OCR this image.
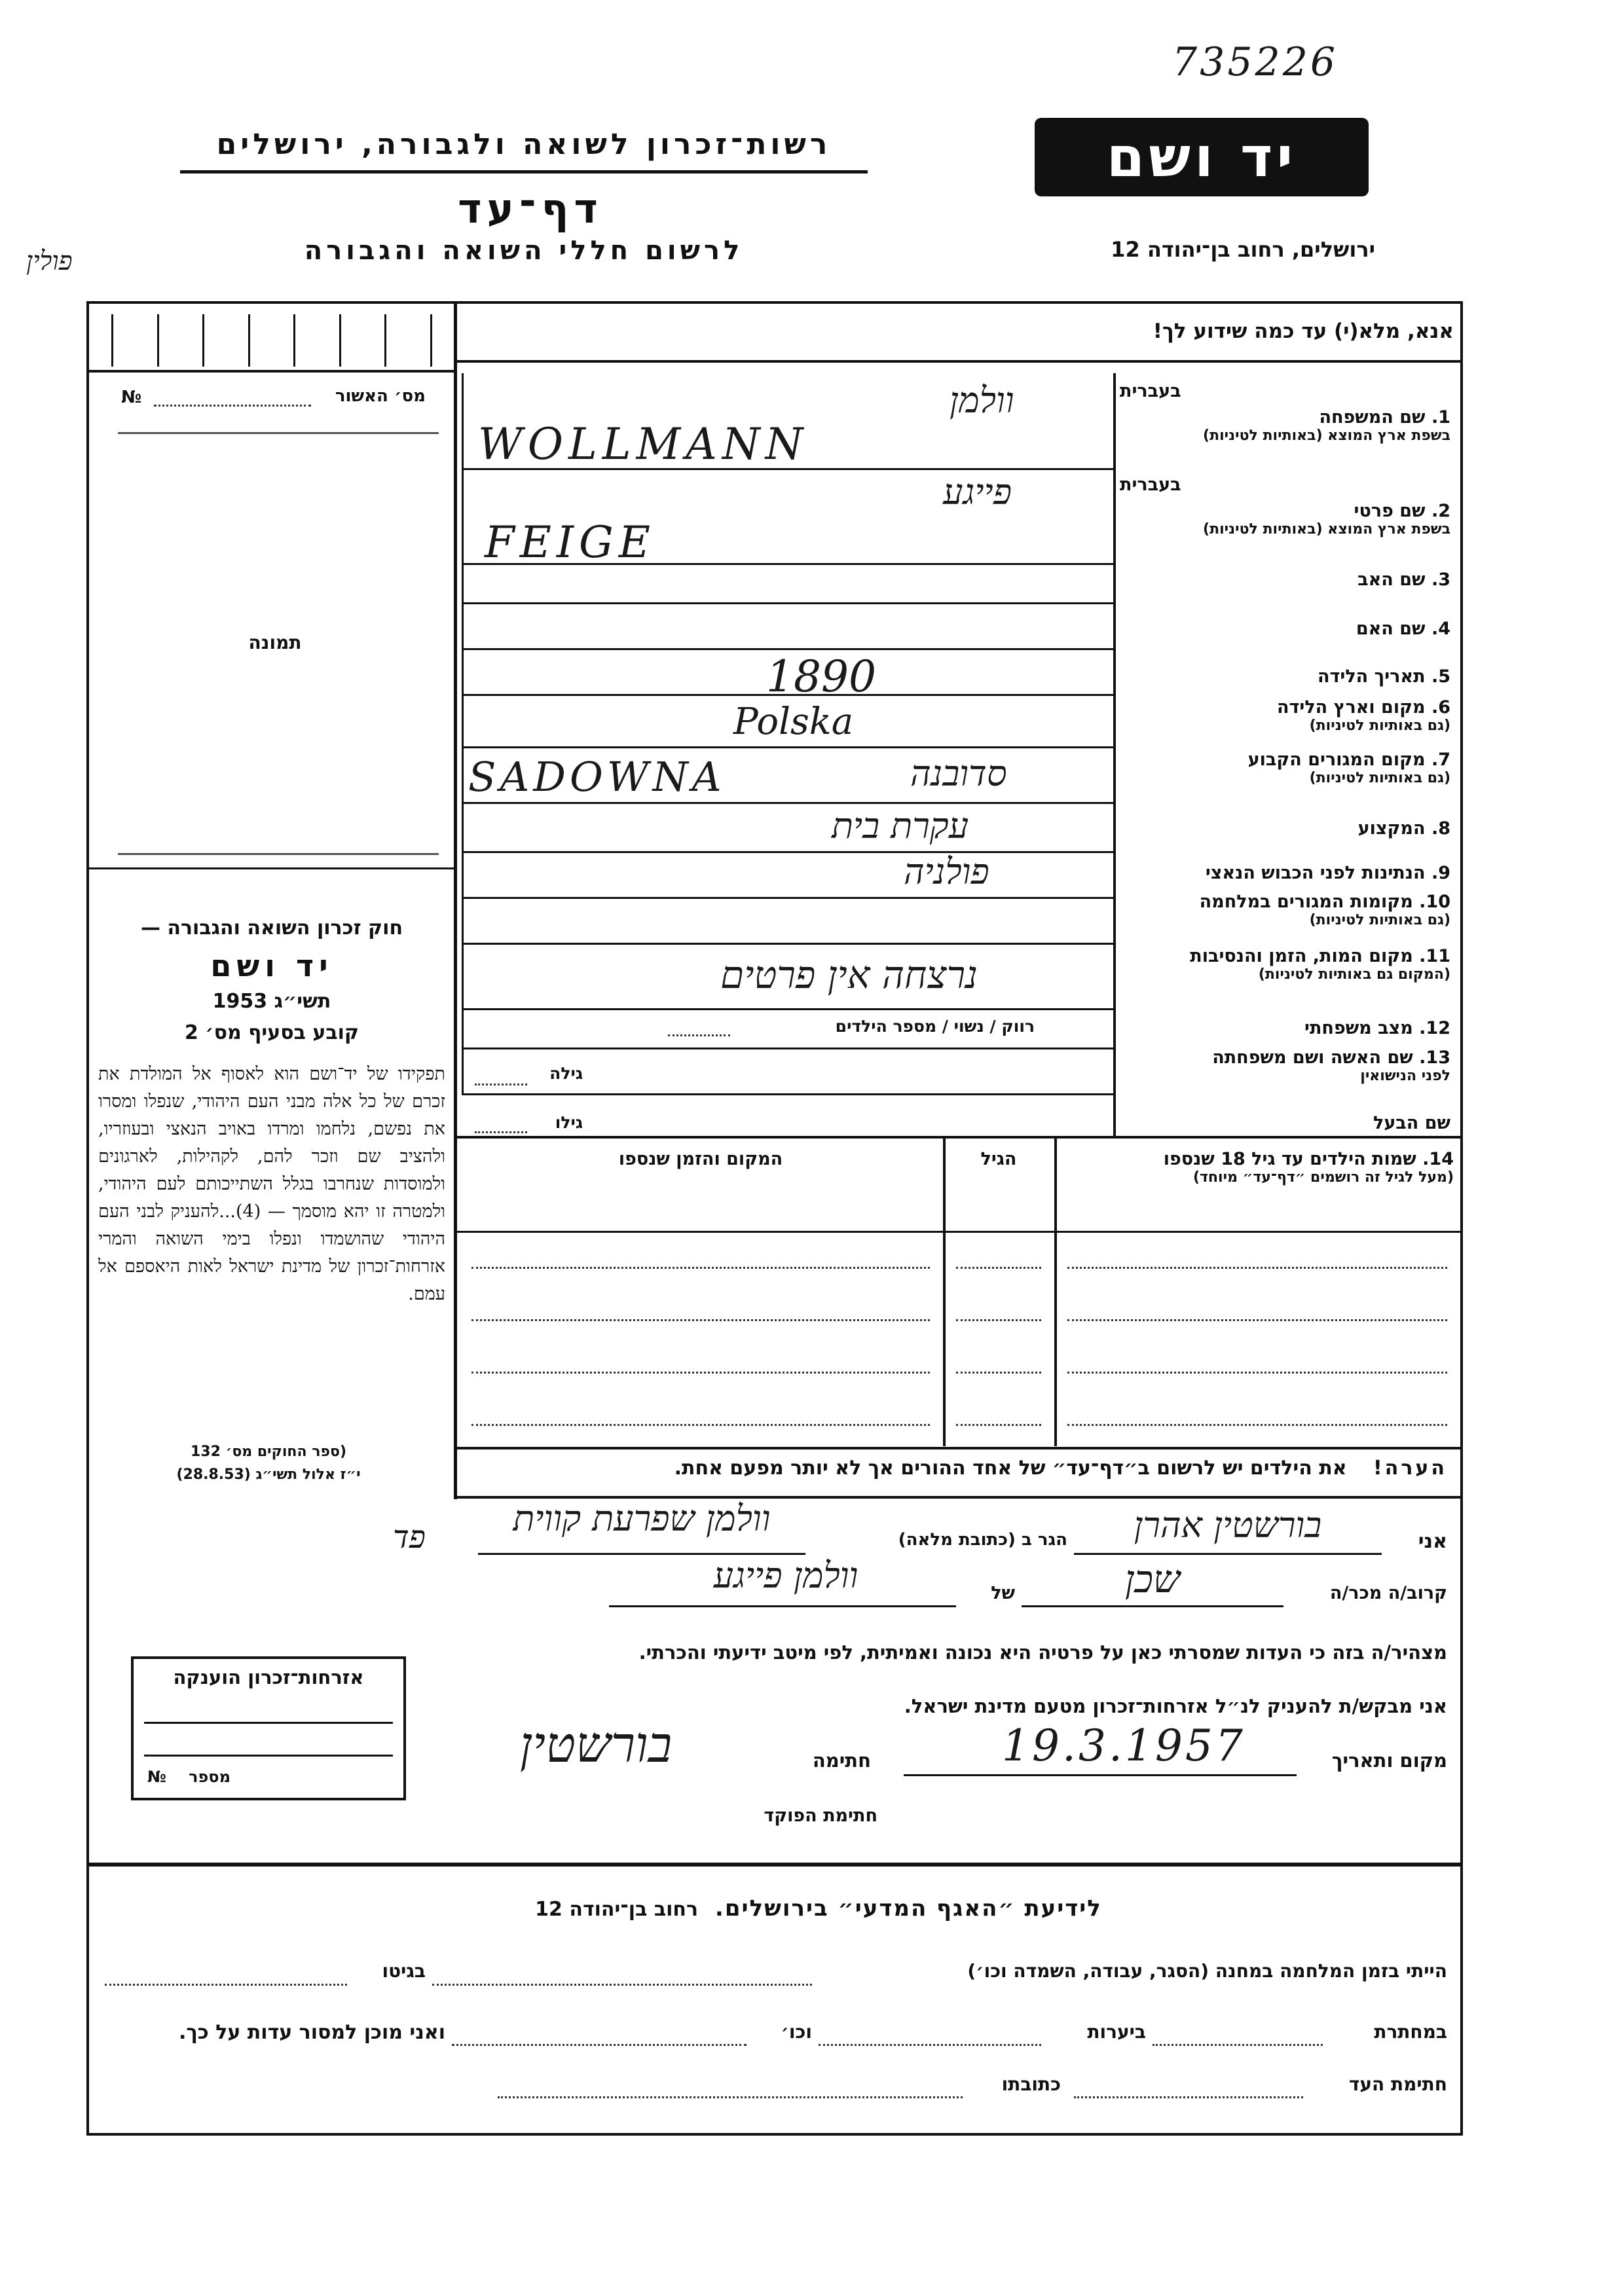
735226
רשות־זכרון לשואה ולגבורה, ירושלים
דף־עד
לרשום חללי השואה והגבורה
יד ושם
ירושלים, רחוב בן־יהודה 12
פולין
מס׳ האשור
№
תמונה
חוק זכרון השואה והגבורה —
יד ושם
תשי״ג 1953
קובע בסעיף מס׳ 2
תפקידו של יד־ושם הוא לאסוף אל המולדת את זכרם של כל אלה מבני העם היהודי, שנפלו ומסרו את נפשם, נלחמו ומרדו באויב הנאצי ובעוזריו, ולהציב שם וזכר להם, לקהילות, לארגונים ולמוסדות שנחרבו בגלל השתייכותם לעם היהודי, ולמטרה זו יהא מוסמך — (4)...להעניק לבני העם היהודי שהושמדו ונפלו בימי השואה והמרי אזרחות־זכרון של מדינת ישראל לאות היאספם אל עמם.
(ספר החוקים מס׳ 132
י״ז אלול תשי״ג (28.8.53)
אזרחות־זכרון הוענקה
מספר
№
אנא, מלא(י) עד כמה שידוע לך!
בעברית
1. שם המשפחה
בשפת ארץ המוצא (באותיות לטיניות)
בעברית
2. שם פרטי
בשפת ארץ המוצא (באותיות לטיניות)
3. שם האב
4. שם האם
5. תאריך הלידה
6. מקום וארץ הלידה
(גם באותיות לטיניות)
7. מקום המגורים הקבוע
(גם באותיות לטיניות)
8. המקצוע
9. הנתינות לפני הכבוש הנאצי
10. מקומות המגורים במלחמה
(גם באותיות לטיניות)
11. מקום המות, הזמן והנסיבות
(המקום גם באותיות לטיניות)
12. מצב משפחתי
13. שם האשה ושם משפחתה
לפני הנישואין
שם הבעל
וולמן
WOLLMANN
פייגע
FEIGE
1890
Polska
SADOWNA	סדובנה
עקרת בית
פולניה
נרצחה אין פרטים
רווק / נשוי / מספר הילדים
גילה
גילו
14. שמות הילדים עד גיל 18 שנספו
(מעל לגיל זה רושמים ״דף־עד״ מיוחד)
הגיל
המקום והזמן שנספו
הערה! את הילדים יש לרשום ב״דף־עד״ של אחד ההורים אך לא יותר מפעם אחת.
פד	אני
בורשטין אהרן
הגר ב (כתובת מלאה)
וולמן שפרעת קווית
קרוב/ה מכר/ה
שכן
של
וולמן פייגע
מצהיר/ה בזה כי העדות שמסרתי כאן על פרטיה היא נכונה ואמיתית, לפי מיטב ידיעתי והכרתי.
אני מבקש/ת להעניק לנ״ל אזרחות־זכרון מטעם מדינת ישראל.
מקום ותאריך
19.3.1957
חתימה
בורשטין
חתימת הפוקד
לידיעת ״האגף המדעי״ בירושלים. רחוב בן־יהודה 12
הייתי בזמן המלחמה במחנה (הסגר, עבודה, השמדה וכו׳)
בגיטו
במחתרת
ביערות
וכו׳
ואני מוכן למסור עדות על כך.
חתימת העד
כתובתו
